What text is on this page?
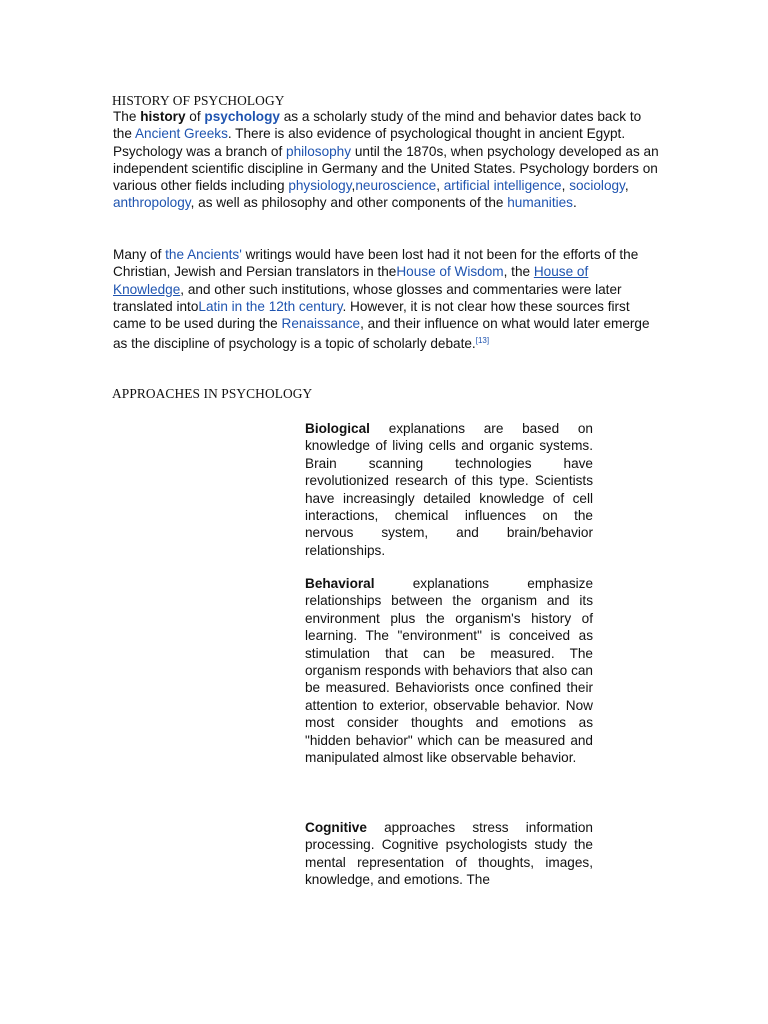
HISTORY OF PSYCHOLOGY

The history of psychology as a scholarly study of the mind and behavior dates back to the Ancient Greeks. There is also evidence of psychological thought in ancient Egypt. Psychology was a branch of philosophy until the 1870s, when psychology developed as an independent scientific discipline in Germany and the United States. Psychology borders on various other fields including physiology,neuroscience, artificial intelligence, sociology, anthropology, as well as philosophy and other components of the humanities.

Many of the Ancients' writings would have been lost had it not been for the efforts of the Christian, Jewish and Persian translators in theHouse of Wisdom, the House of Knowledge, and other such institutions, whose glosses and commentaries were later translated intoLatin in the 12th century. However, it is not clear how these sources first came to be used during the Renaissance, and their influence on what would later emerge as the discipline of psychology is a topic of scholarly debate.[13]

APPROACHES IN PSYCHOLOGY

Biological explanations are based on knowledge of living cells and organic systems. Brain scanning technologies have revolutionized research of this type. Scientists have increasingly detailed knowledge of cell interactions, chemical influences on the nervous system, and brain/behavior relationships.

Behavioral explanations emphasize relationships between the organism and its environment plus the organism's history of learning. The "environment" is conceived as stimulation that can be measured. The organism responds with behaviors that also can be measured. Behaviorists once confined their attention to exterior, observable behavior. Now most consider thoughts and emotions as "hidden behavior" which can be measured and manipulated almost like observable behavior.

Cognitive approaches stress information processing. Cognitive psychologists study the mental representation of thoughts, images, knowledge, and emotions. The
